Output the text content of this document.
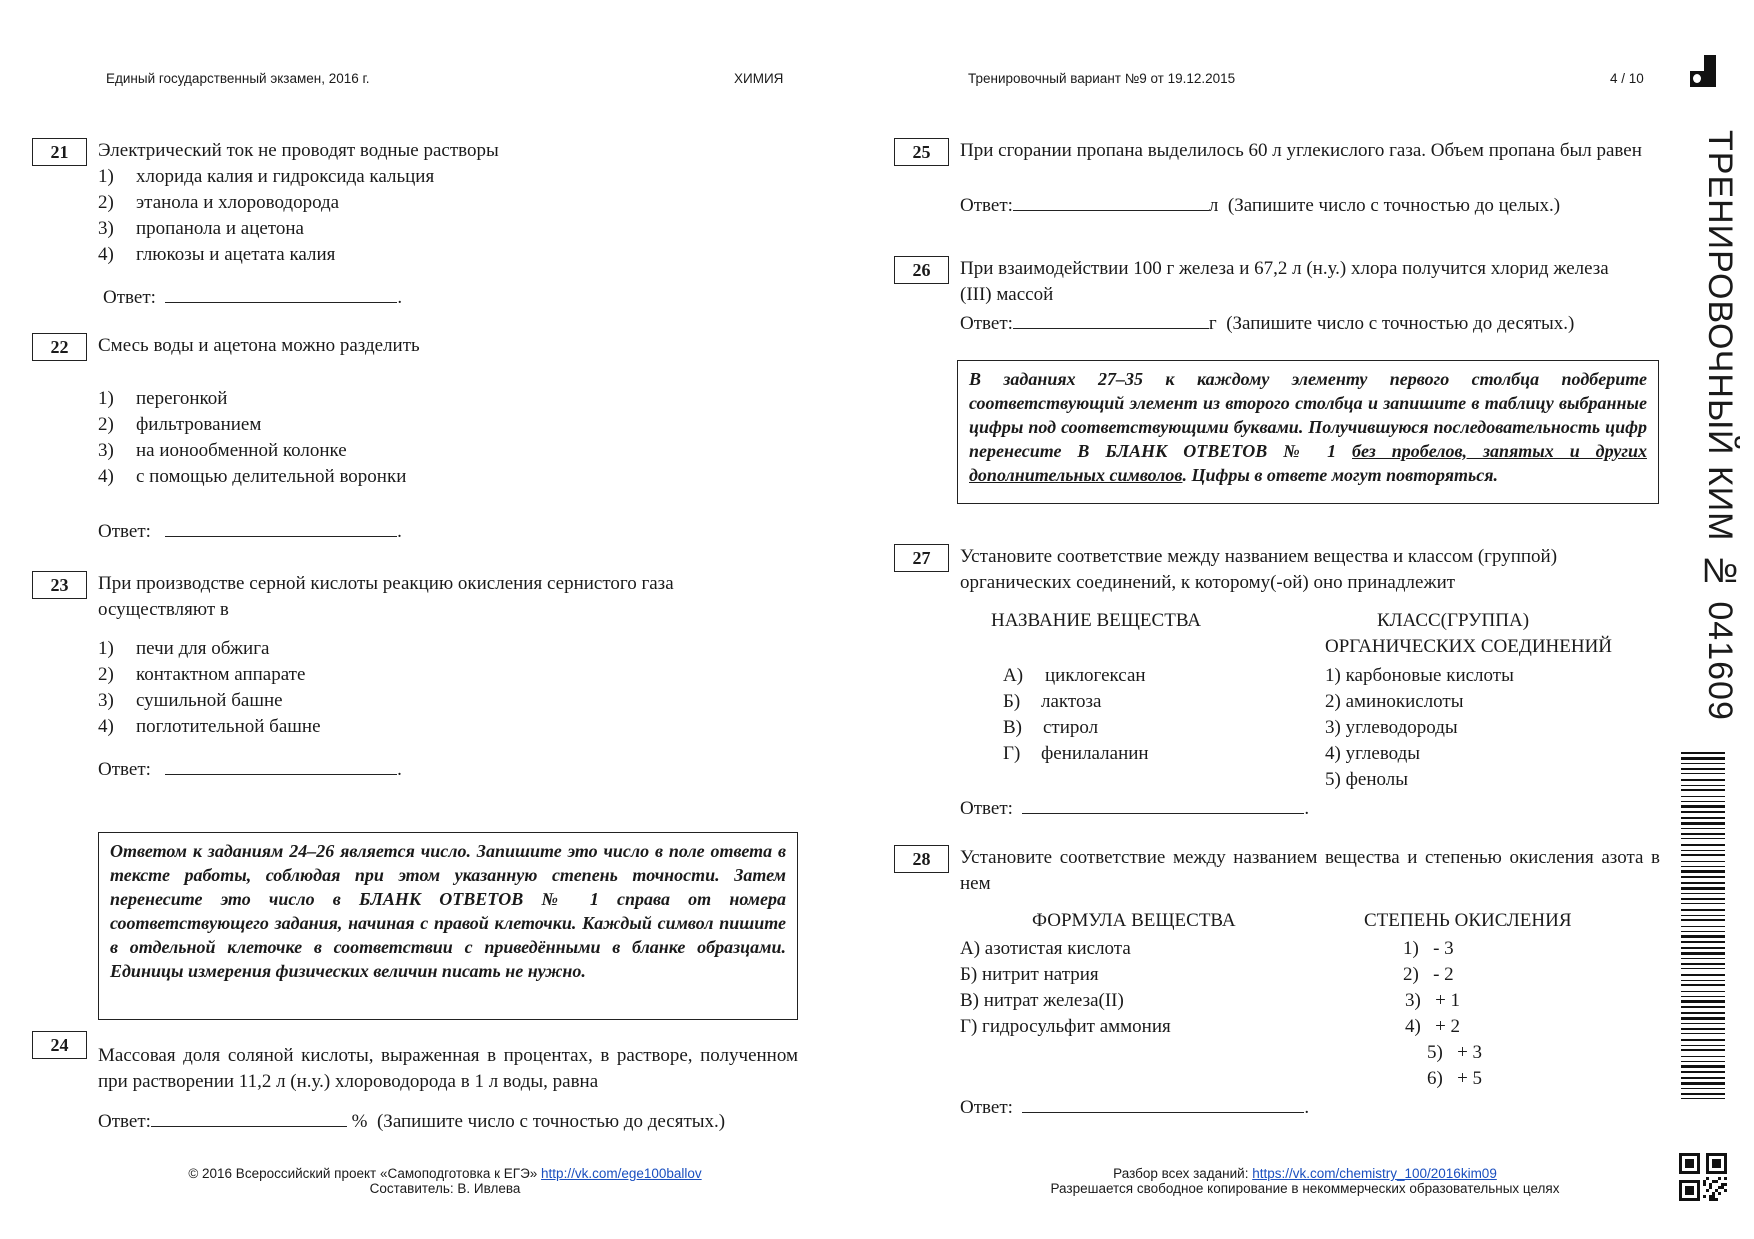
Единый государственный экзамен, 2016 г.	ХИМИЯ	Тренировочный вариант №9 от 19.12.2015	4 / 10
ТРЕНИРОВОЧНЫЙ КИМ № 041609
21	Электрический ток не проводят водные растворы
1) хлорида калия и гидроксида кальция
2) этанола и хлороводорода
3) пропанола и ацетона
4) глюкозы и ацетата калия
Ответ:	.
22	Смесь воды и ацетона можно разделить
1) перегонкой
2) фильтрованием
3) на ионообменной колонке
4) с помощью делительной воронки
Ответ:	.
23	При производстве серной кислоты реакцию окисления сернистого газа осуществляют в
1) печи для обжига
2) контактном аппарате
3) сушильной башне
4) поглотительной башне
Ответ:	.
Ответом к заданиям 24–26 является число. Запишите это число в поле ответа в тексте работы, соблюдая при этом указанную степень точности. Затем перенесите это число в БЛАНК ОТВЕТОВ № 1 справа от номера соответствующего задания, начиная с правой клеточки. Каждый символ пишите в отдельной клеточке в соответствии с приведёнными в бланке образцами. Единицы измерения физических величин писать не нужно.
24	Массовая доля соляной кислоты, выраженная в процентах, в растворе, полученном при растворении 11,2 л (н.у.) хлороводорода в 1 л воды, равна
Ответ:	% (Запишите число с точностью до десятых.)
25	При сгорании пропана выделилось 60 л углекислого газа. Объем пропана был равен
Ответ:	л (Запишите число с точностью до целых.)
26	При взаимодействии 100 г железа и 67,2 л (н.у.) хлора получится хлорид железа (III) массой
Ответ:	г (Запишите число с точностью до десятых.)
В заданиях 27–35 к каждому элементу первого столбца подберите соответствующий элемент из второго столбца и запишите в таблицу выбранные цифры под соответствующими буквами. Получившуюся последовательность цифр перенесите В БЛАНК ОТВЕТОВ № 1 без пробелов, запятых и других дополнительных символов. Цифры в ответе могут повторяться.
27	Установите соответствие между названием вещества и классом (группой) органических соединений, к которому(-ой) оно принадлежит
НАЗВАНИЕ ВЕЩЕСТВА	КЛАСС(ГРУППА)
ОРГАНИЧЕСКИХ СОЕДИНЕНИЙ
А) циклогексан
Б) лактоза
В) стирол
Г) фенилаланин
1) карбоновые кислоты
2) аминокислоты
3) углеводороды
4) углеводы
5) фенолы
Ответ:	.
28	Установите соответствие между названием вещества и степенью окисления азота в нем
ФОРМУЛА ВЕЩЕСТВА	СТЕПЕНЬ ОКИСЛЕНИЯ
А) азотистая кислота
Б) нитрит натрия
В) нитрат железа(II)
Г) гидросульфит аммония
1)   - 3
2)   - 2
3)   + 1
4)   + 2
5)   + 3
6)   + 5
Ответ:	.
© 2016 Всероссийский проект «Самоподготовка к ЕГЭ» http://vk.com/ege100ballov
Составитель: В. Ивлева
Разбор всех заданий: https://vk.com/chemistry_100/2016kim09
Разрешается свободное копирование в некоммерческих образовательных целях
